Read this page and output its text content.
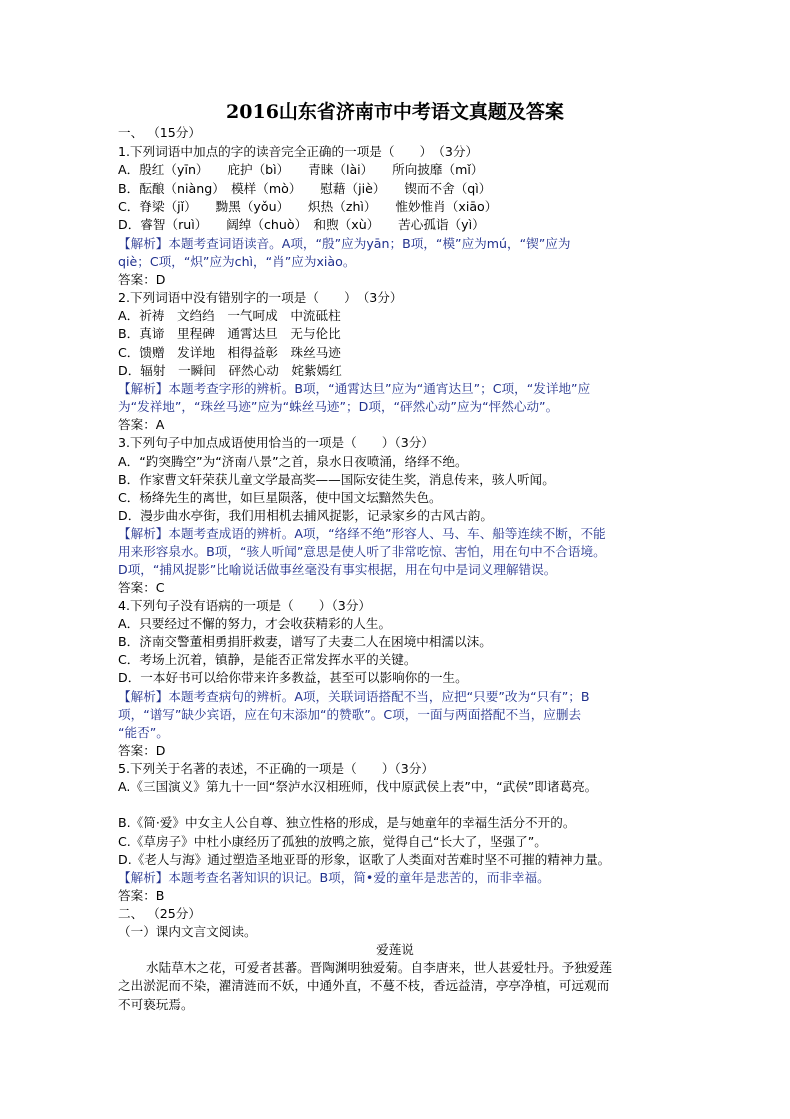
2016山东省济南市中考语文真题及答案
一、 （15分）
1.下列词语中加点的字的读音完全正确的一项是（　　）　（3分）
A．殷红（yīn）　　庇护（bì）　　青睐（lài）　　所向披靡（mǐ）
B．酝酿（niàng）　模样（mò）　　慰藉（jiè）　　锲而不舍（qì）
C．脊梁（jǐ）　　黝黑（yǒu）　　炽热（zhì）　　惟妙惟肖（xiāo）
D．睿智（ruì）　　阔绰（chuò）　和煦（xù）　　苦心孤诣（yì）
【解析】本题考查词语读音。A项，“殷”应为yān；B项，“模”应为mú，“锲”应为
qiè；C项，“炽”应为chì，“肖”应为xiào。
答案：D
2.下列词语中没有错别字的一项是（　　）　（3分）
A．祈祷　文绉绉　一气呵成　中流砥柱
B．真谛　里程碑　通霄达旦　无与伦比
C．馈赠　发详地　相得益彰　珠丝马迹
D．辐射　一瞬间　砰然心动　姹紫嫣红
【解析】本题考查字形的辨析。B项，“通霄达旦”应为“通宵达旦”；C项，“发详地”应
为“发祥地”，“珠丝马迹”应为“蛛丝马迹”；D项，“砰然心动”应为“怦然心动”。
答案：A
3.下列句子中加点成语使用恰当的一项是（　　）（3分）
A．“趵突腾空”为“济南八景”之首，泉水日夜喷涌，络绎不绝。
B．作家曹文轩荣获儿童文学最高奖——国际安徒生奖，消息传来，骇人听闻。
C．杨绛先生的离世，如巨星陨落，使中国文坛黯然失色。
D．漫步曲水亭街，我们用相机去捕风捉影，记录家乡的古风古韵。
【解析】本题考查成语的辨析。A项，“络绎不绝”形容人、马、车、船等连续不断，不能
用来形容泉水。B项，“骇人听闻”意思是使人听了非常吃惊、害怕，用在句中不合语境。
D项，“捕风捉影”比喻说话做事丝毫没有事实根据，用在句中是词义理解错误。
答案：C
4.下列句子没有语病的一项是（　　）（3分）
A．只要经过不懈的努力，才会收获精彩的人生。
B．济南交警董相勇捐肝救妻，谱写了夫妻二人在困境中相濡以沫。
C．考场上沉着，镇静，是能否正常发挥水平的关键。
D．一本好书可以给你带来许多教益，甚至可以影响你的一生。
【解析】本题考查病句的辨析。A项，关联词语搭配不当，应把“只要”改为“只有”；B
项，“谱写”缺少宾语，应在句末添加“的赞歌”。C项，一面与两面搭配不当，应删去
“能否”。
答案：D
5.下列关于名著的表述，不正确的一项是（　　）（3分）
A.《三国演义》第九十一回“祭泸水汉相班师，伐中原武侯上表”中，“武侯”即诸葛亮。
B.《简·爱》中女主人公自尊、独立性格的形成，是与她童年的幸福生活分不开的。
C.《草房子》中杜小康经历了孤独的放鸭之旅，觉得自己“长大了，坚强了”。
D.《老人与海》通过塑造圣地亚哥的形象，讴歌了人类面对苦难时坚不可摧的精神力量。
【解析】本题考查名著知识的识记。B项，简•爱的童年是悲苦的，而非幸福。
答案：B
二、 （25分）
（一）课内文言文阅读。
爱莲说
水陆草木之花，可爱者甚蕃。晋陶渊明独爱菊。自李唐来，世人甚爱牡丹。予独爱莲
之出淤泥而不染，濯清涟而不妖，中通外直，不蔓不枝，香远益清，亭亭净植，可远观而
不可亵玩焉。
